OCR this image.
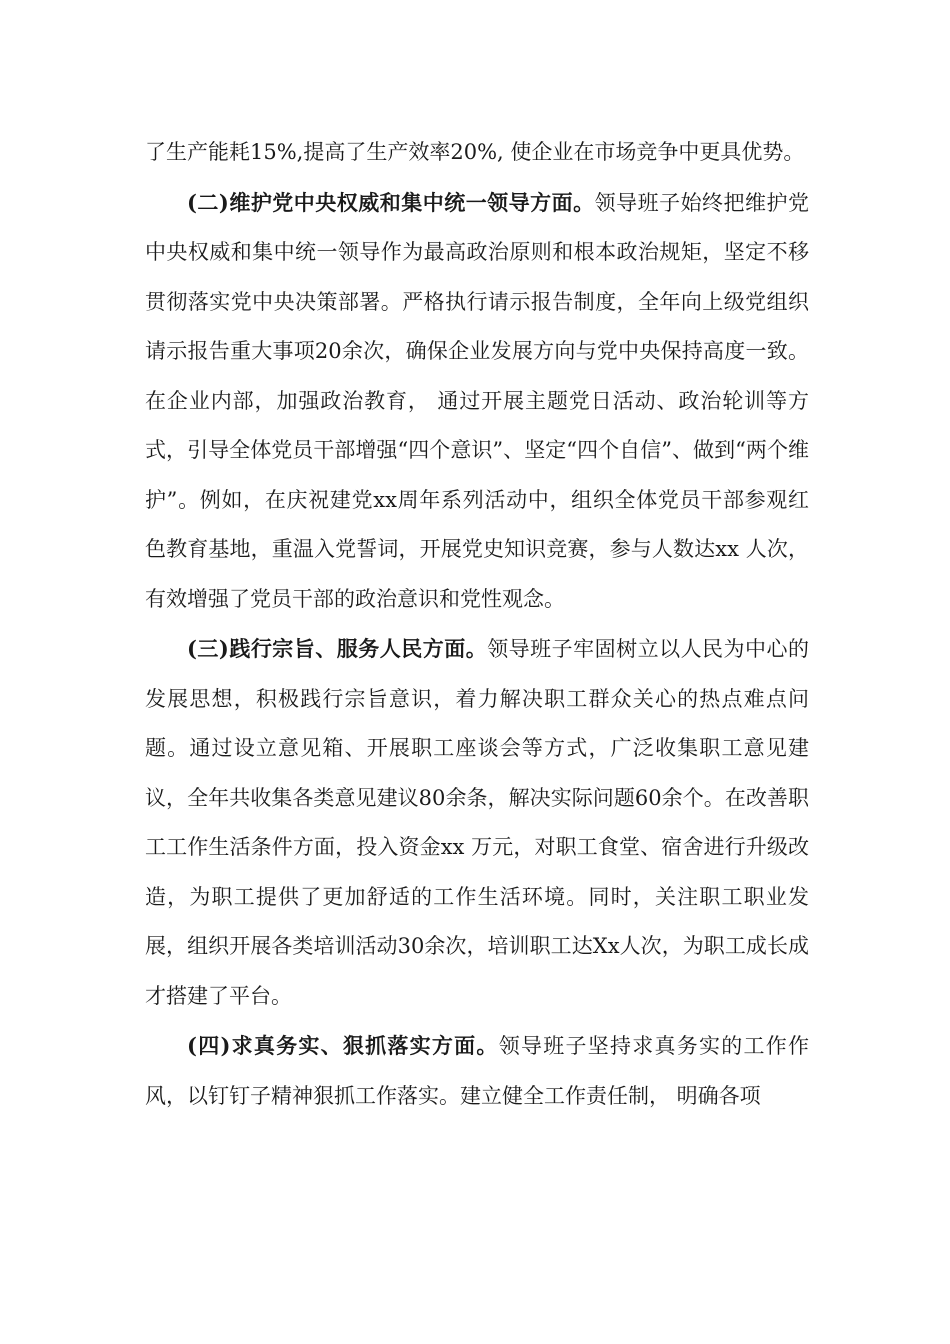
了生产能耗15%,提高了生产效率20%, 使企业在市场竞争中更具优势。

(二)维护党中央权威和集中统一领导方面。领导班子始终把维护党中央权威和集中统一领导作为最高政治原则和根本政治规矩，坚定不移贯彻落实党中央决策部署。严格执行请示报告制度，全年向上级党组织请示报告重大事项20余次，确保企业发展方向与党中央保持高度一致。在企业内部，加强政治教育， 通过开展主题党日活动、政治轮训等方式，引导全体党员干部增强“四个意识”、坚定“四个自信”、做到“两个维护”。例如，在庆祝建党xx周年系列活动中，组织全体党员干部参观红色教育基地，重温入党誓词，开展党史知识竞赛，参与人数达xx 人次， 有效增强了党员干部的政治意识和党性观念。

(三)践行宗旨、服务人民方面。领导班子牢固树立以人民为中心的发展思想，积极践行宗旨意识，着力解决职工群众关心的热点难点问题。通过设立意见箱、开展职工座谈会等方式，广泛收集职工意见建议，全年共收集各类意见建议80余条，解决实际问题60余个。在改善职工工作生活条件方面，投入资金xx 万元，对职工食堂、宿舍进行升级改造，为职工提供了更加舒适的工作生活环境。同时，关注职工职业发展，组织开展各类培训活动30余次，培训职工达Xx人次，为职工成长成才搭建了平台。

(四)求真务实、狠抓落实方面。领导班子坚持求真务实的工作作风，以钉钉子精神狠抓工作落实。建立健全工作责任制， 明确各项
